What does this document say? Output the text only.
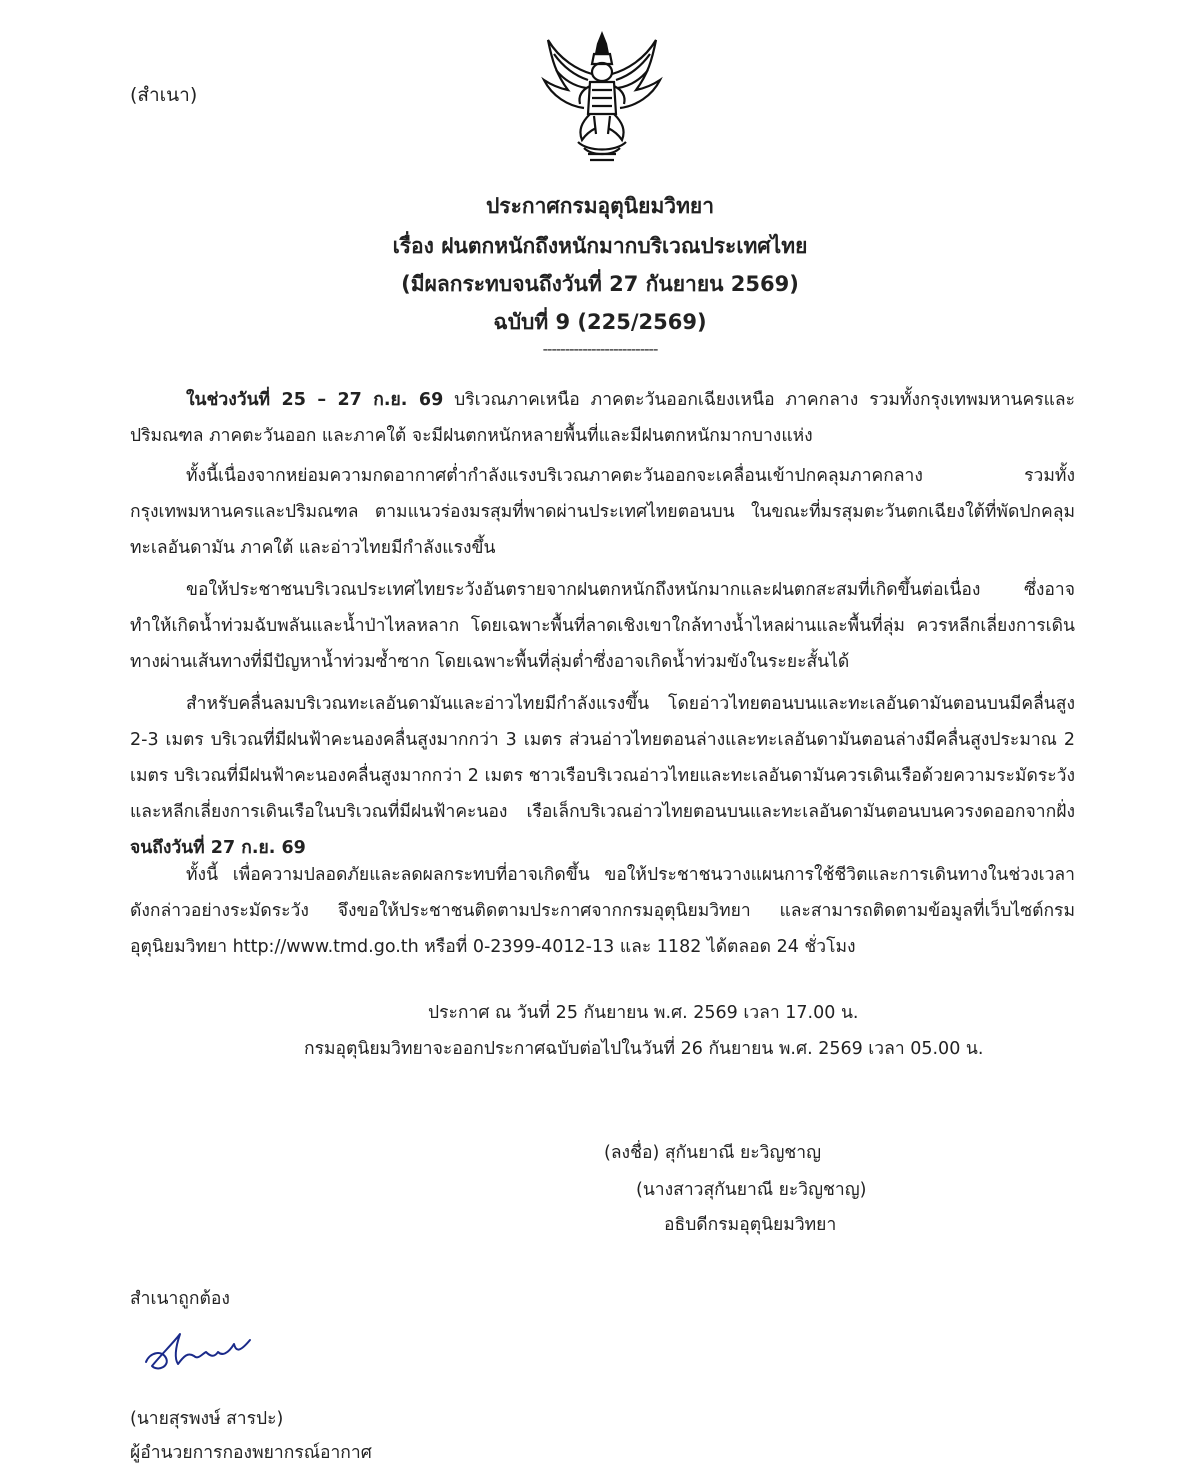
(สำเนา)
ประกาศกรมอุตุนิยมวิทยา
เรื่อง ฝนตกหนักถึงหนักมากบริเวณประเทศไทย
(มีผลกระทบจนถึงวันที่ 27 กันยายน 2569)
ฉบับที่ 9 (225/2569)
--------------------------

ในช่วงวันที่ 25 – 27 ก.ย. 69 บริเวณภาคเหนือ ภาคตะวันออกเฉียงเหนือ ภาคกลาง รวมทั้งกรุงเทพมหานครและปริมณฑล ภาคตะวันออก และภาคใต้ จะมีฝนตกหนักหลายพื้นที่และมีฝนตกหนักมากบางแห่ง

ทั้งนี้เนื่องจากหย่อมความกดอากาศต่ำกำลังแรงบริเวณภาคตะวันออกจะเคลื่อนเข้าปกคลุมภาคกลาง รวมทั้งกรุงเทพมหานครและปริมณฑล ตามแนวร่องมรสุมที่พาดผ่านประเทศไทยตอนบน ในขณะที่มรสุมตะวันตกเฉียงใต้ที่พัดปกคลุมทะเลอันดามัน ภาคใต้ และอ่าวไทยมีกำลังแรงขึ้น

ขอให้ประชาชนบริเวณประเทศไทยระวังอันตรายจากฝนตกหนักถึงหนักมากและฝนตกสะสมที่เกิดขึ้นต่อเนื่อง ซึ่งอาจทำให้เกิดน้ำท่วมฉับพลันและน้ำป่าไหลหลาก โดยเฉพาะพื้นที่ลาดเชิงเขาใกล้ทางน้ำไหลผ่านและพื้นที่ลุ่ม ควรหลีกเลี่ยงการเดินทางผ่านเส้นทางที่มีปัญหาน้ำท่วมซ้ำซาก โดยเฉพาะพื้นที่ลุ่มต่ำซึ่งอาจเกิดน้ำท่วมขังในระยะสั้นได้

สำหรับคลื่นลมบริเวณทะเลอันดามันและอ่าวไทยมีกำลังแรงขึ้น โดยอ่าวไทยตอนบนและทะเลอันดามันตอนบนมีคลื่นสูง 2-3 เมตร บริเวณที่มีฝนฟ้าคะนองคลื่นสูงมากกว่า 3 เมตร ส่วนอ่าวไทยตอนล่างและทะเลอันดามันตอนล่างมีคลื่นสูงประมาณ 2 เมตร บริเวณที่มีฝนฟ้าคะนองคลื่นสูงมากกว่า 2 เมตร ชาวเรือบริเวณอ่าวไทยและทะเลอันดามันควรเดินเรือด้วยความระมัดระวังและหลีกเลี่ยงการเดินเรือในบริเวณที่มีฝนฟ้าคะนอง เรือเล็กบริเวณอ่าวไทยตอนบนและทะเลอันดามันตอนบนควรงดออกจากฝั่งจนถึงวันที่ 27 ก.ย. 69

ทั้งนี้ เพื่อความปลอดภัยและลดผลกระทบที่อาจเกิดขึ้น ขอให้ประชาชนวางแผนการใช้ชีวิตและการเดินทางในช่วงเวลาดังกล่าวอย่างระมัดระวัง จึงขอให้ประชาชนติดตามประกาศจากกรมอุตุนิยมวิทยา และสามารถติดตามข้อมูลที่เว็บไซต์กรมอุตุนิยมวิทยา http://www.tmd.go.th หรือที่ 0-2399-4012-13 และ 1182 ได้ตลอด 24 ชั่วโมง

ประกาศ ณ วันที่ 25 กันยายน พ.ศ. 2569 เวลา 17.00 น.
กรมอุตุนิยมวิทยาจะออกประกาศฉบับต่อไปในวันที่ 26 กันยายน พ.ศ. 2569 เวลา 05.00 น.
(ลงชื่อ) สุกันยาณี ยะวิญชาญ
(นางสาวสุกันยาณี ยะวิญชาญ)
อธิบดีกรมอุตุนิยมวิทยา
สำเนาถูกต้อง
(นายสุรพงษ์ สารปะ)
ผู้อำนวยการกองพยากรณ์อากาศ
